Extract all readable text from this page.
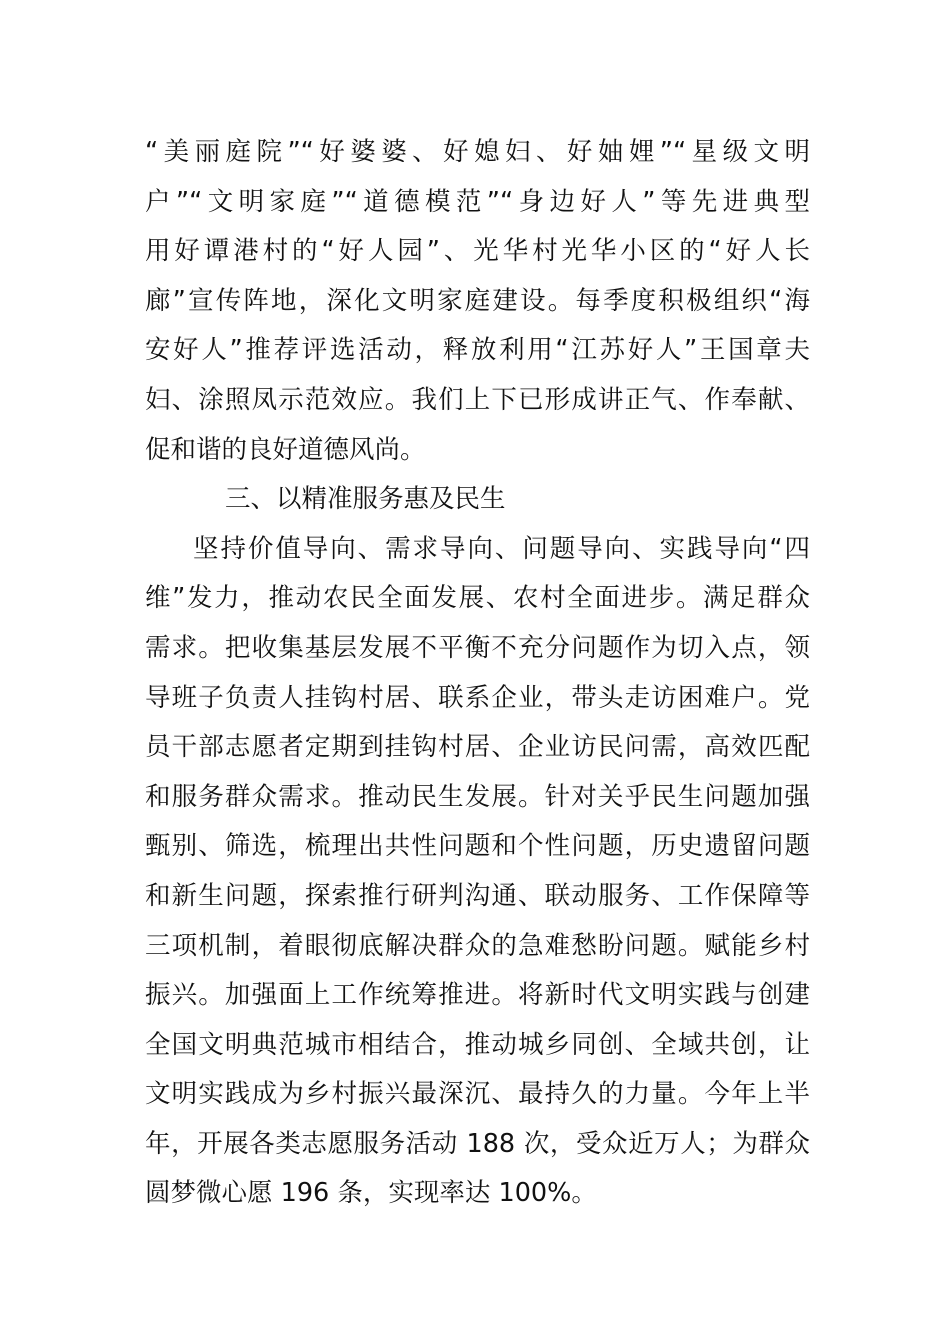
“美丽庭院”“好婆婆、好媳妇、好妯娌”“星级文明
户”“文明家庭”“道德模范”“身边好人”等先进典型
用好谭港村的“好人园”、光华村光华小区的“好人长
廊”宣传阵地，深化文明家庭建设。每季度积极组织“海
安好人”推荐评选活动，释放利用“江苏好人”王国章夫
妇、涂照凤示范效应。我们上下已形成讲正气、作奉献、
促和谐的良好道德风尚。
三、以精准服务惠及民生
坚持价值导向、需求导向、问题导向、实践导向“四
维”发力，推动农民全面发展、农村全面进步。满足群众
需求。把收集基层发展不平衡不充分问题作为切入点，领
导班子负责人挂钩村居、联系企业，带头走访困难户。党
员干部志愿者定期到挂钩村居、企业访民问需，高效匹配
和服务群众需求。推动民生发展。针对关乎民生问题加强
甄别、筛选，梳理出共性问题和个性问题，历史遗留问题
和新生问题，探索推行研判沟通、联动服务、工作保障等
三项机制，着眼彻底解决群众的急难愁盼问题。赋能乡村
振兴。加强面上工作统筹推进。将新时代文明实践与创建
全国文明典范城市相结合，推动城乡同创、全域共创，让
文明实践成为乡村振兴最深沉、最持久的力量。今年上半
年，开展各类志愿服务活动 188 次，受众近万人；为群众
圆梦微心愿 196 条，实现率达 100%。
